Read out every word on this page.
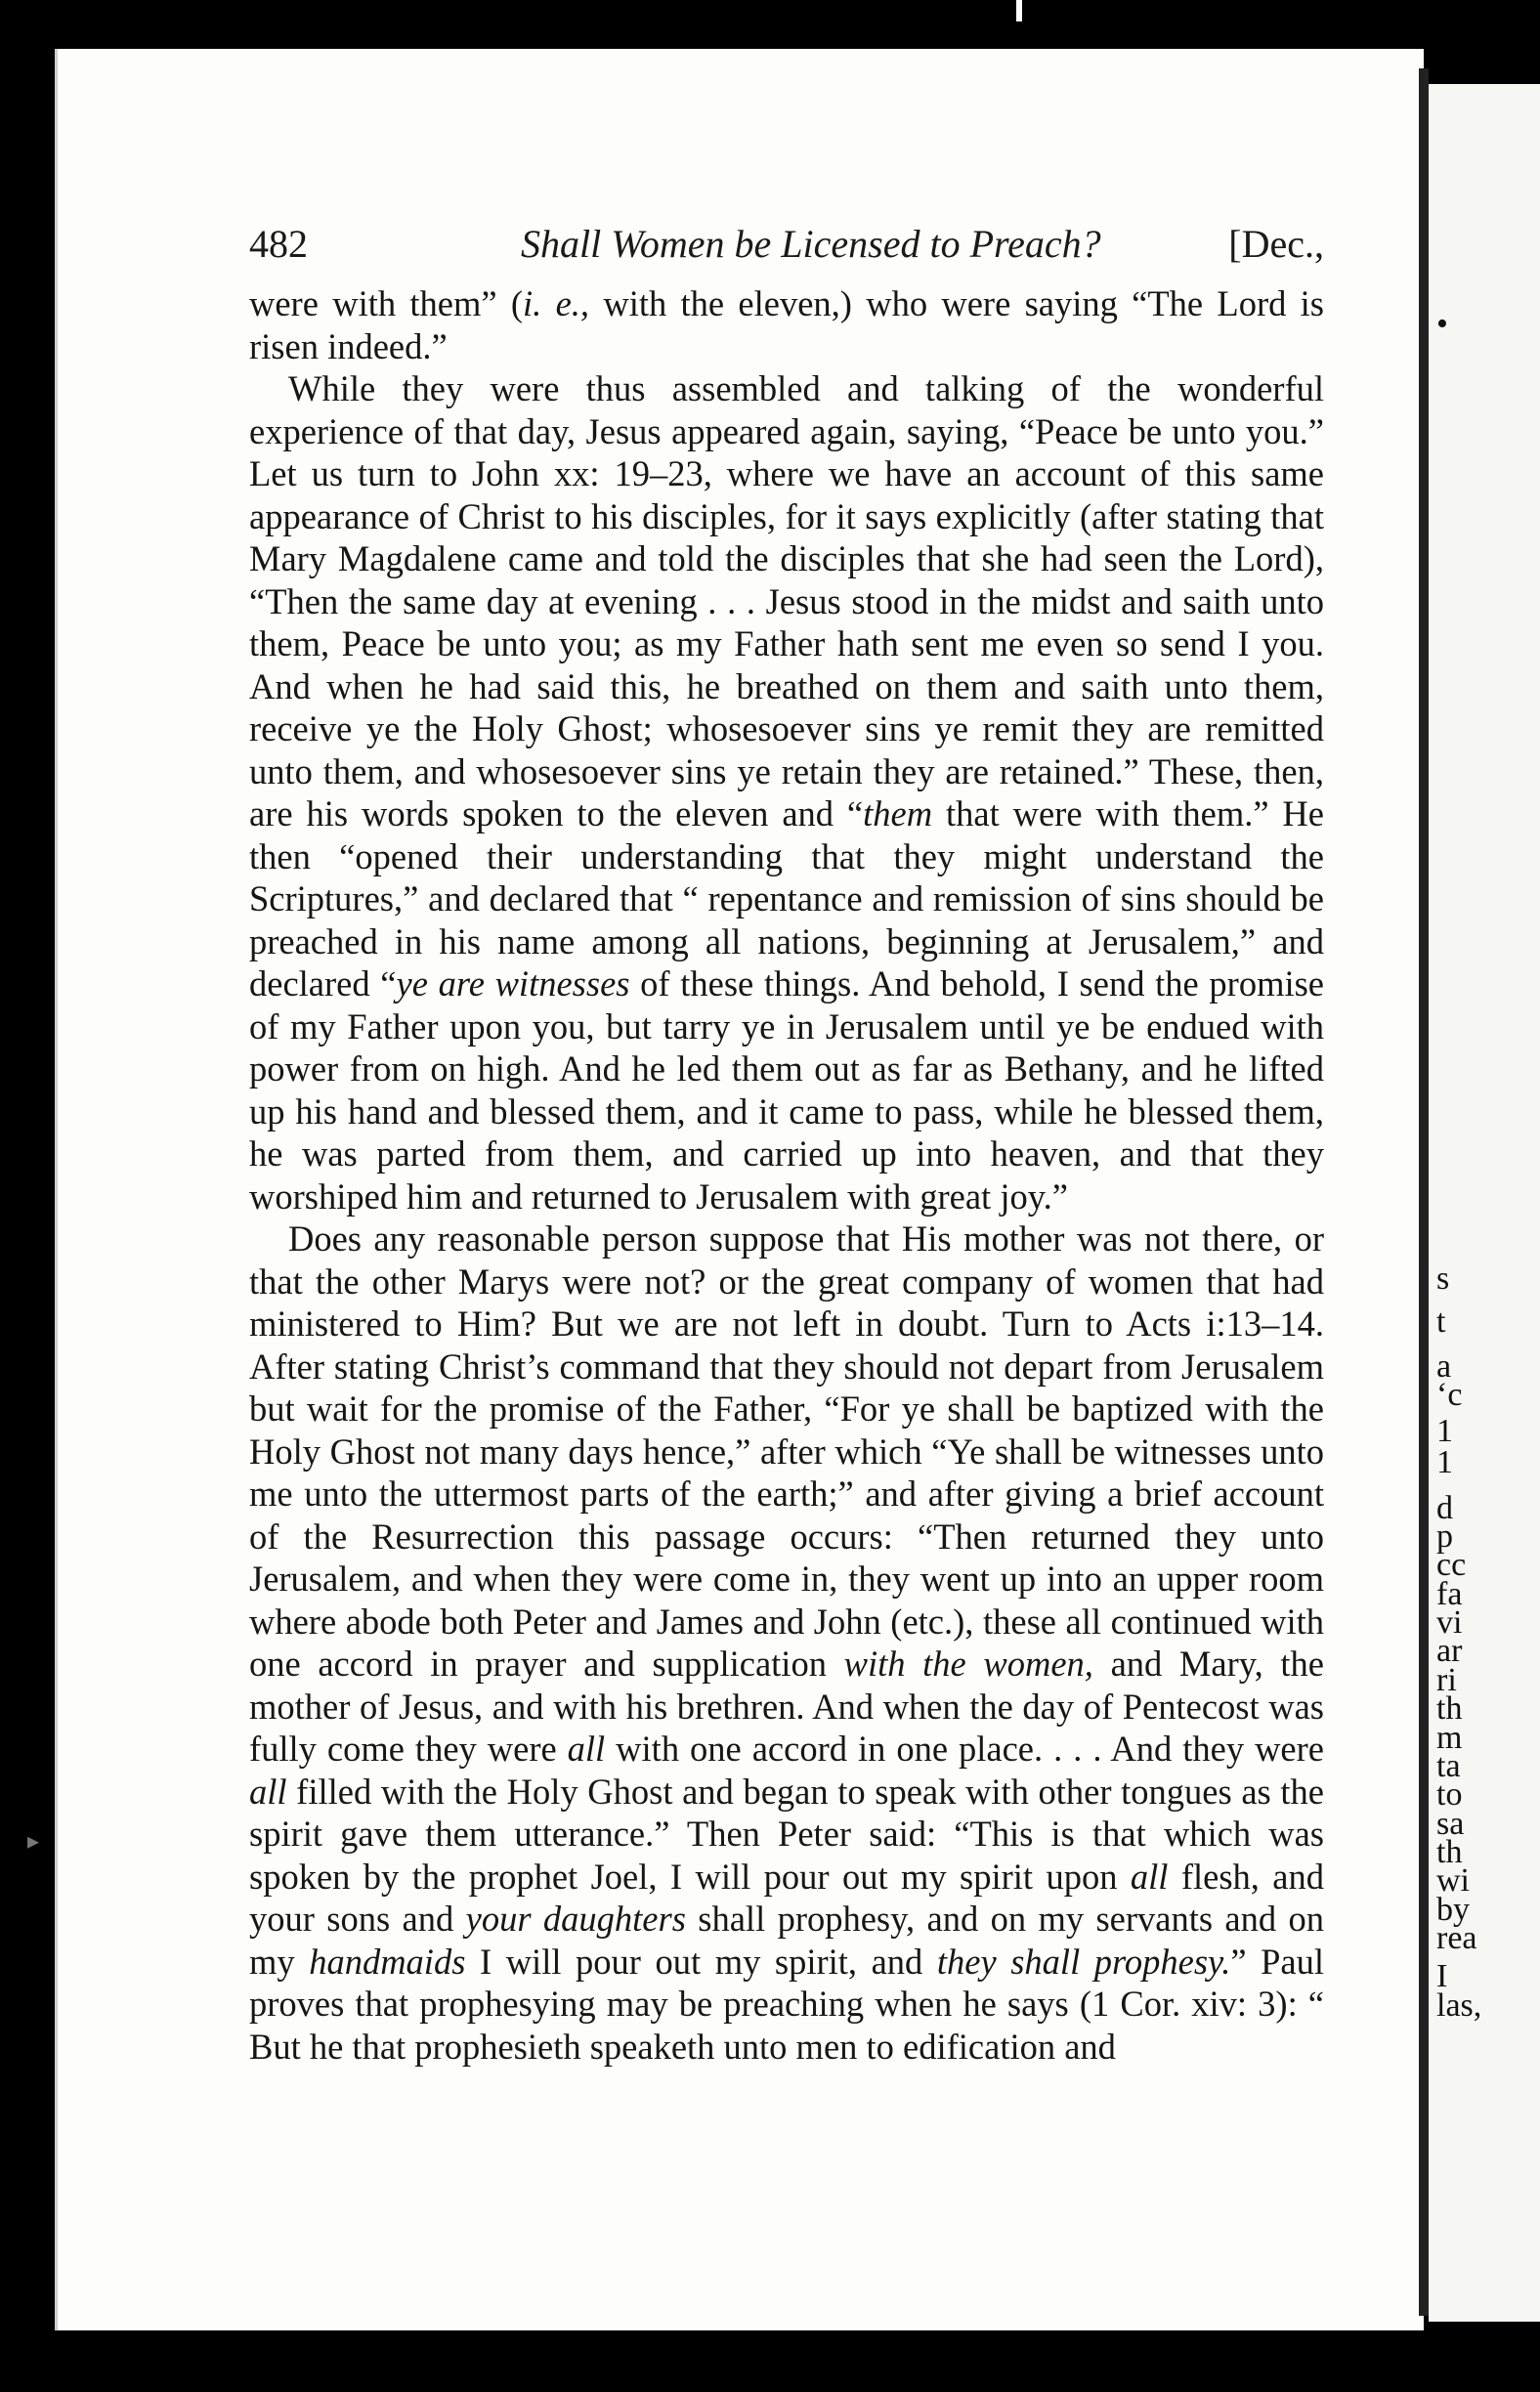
▸
•
s
t
a
‘c
1
1
d
p
cc
fa
vi
ar
ri
th
m
ta
to
sa
th
wi
by
rea
I
las,
482	Shall Women be Licensed to Preach?	[Dec.,

were with them” (i. e., with the eleven,) who were saying “The Lord is risen indeed.”

While they were thus assembled and talking of the wonderful experience of that day, Jesus appeared again, saying, “Peace be unto you.” Let us turn to John xx: 19–23, where we have an account of this same appearance of Christ to his disciples, for it says explicitly (after stating that Mary Magdalene came and told the disciples that she had seen the Lord), “Then the same day at evening . . . Jesus stood in the midst and saith unto them, Peace be unto you; as my Father hath sent me even so send I you. And when he had said this, he breathed on them and saith unto them, receive ye the Holy Ghost; whosesoever sins ye remit they are remitted unto them, and whosesoever sins ye retain they are retained.” These, then, are his words spoken to the eleven and “them that were with them.” He then “opened their understanding that they might understand the Scriptures,” and declared that “ repentance and remission of sins should be preached in his name among all nations, beginning at Jerusalem,” and declared “ye are witnesses of these things. And behold, I send the promise of my Father upon you, but tarry ye in Jerusalem until ye be endued with power from on high. And he led them out as far as Bethany, and he lifted up his hand and blessed them, and it came to pass, while he blessed them, he was parted from them, and carried up into heaven, and that they worshiped him and returned to Jerusalem with great joy.”

Does any reasonable person suppose that His mother was not there, or that the other Marys were not? or the great company of women that had ministered to Him? But we are not left in doubt. Turn to Acts i:13–14. After stating Christ’s command that they should not depart from Jerusalem but wait for the promise of the Father, “For ye shall be baptized with the Holy Ghost not many days hence,” after which “Ye shall be witnesses unto me unto the uttermost parts of the earth;” and after giving a brief account of the Resurrection this passage occurs: “Then returned they unto Jerusalem, and when they were come in, they went up into an upper room where abode both Peter and James and John (etc.), these all continued with one accord in prayer and supplication with the women, and Mary, the mother of Jesus, and with his brethren. And when the day of Pentecost was fully come they were all with one accord in one place. . . . And they were all filled with the Holy Ghost and began to speak with other tongues as the spirit gave them utterance.” Then Peter said: “This is that which was spoken by the prophet Joel, I will pour out my spirit upon all flesh, and your sons and your daughters shall prophesy, and on my servants and on my handmaids I will pour out my spirit, and they shall prophesy.” Paul proves that prophesying may be preaching when he says (1 Cor. xiv: 3): “ But he that prophesieth speaketh unto men to edification and
